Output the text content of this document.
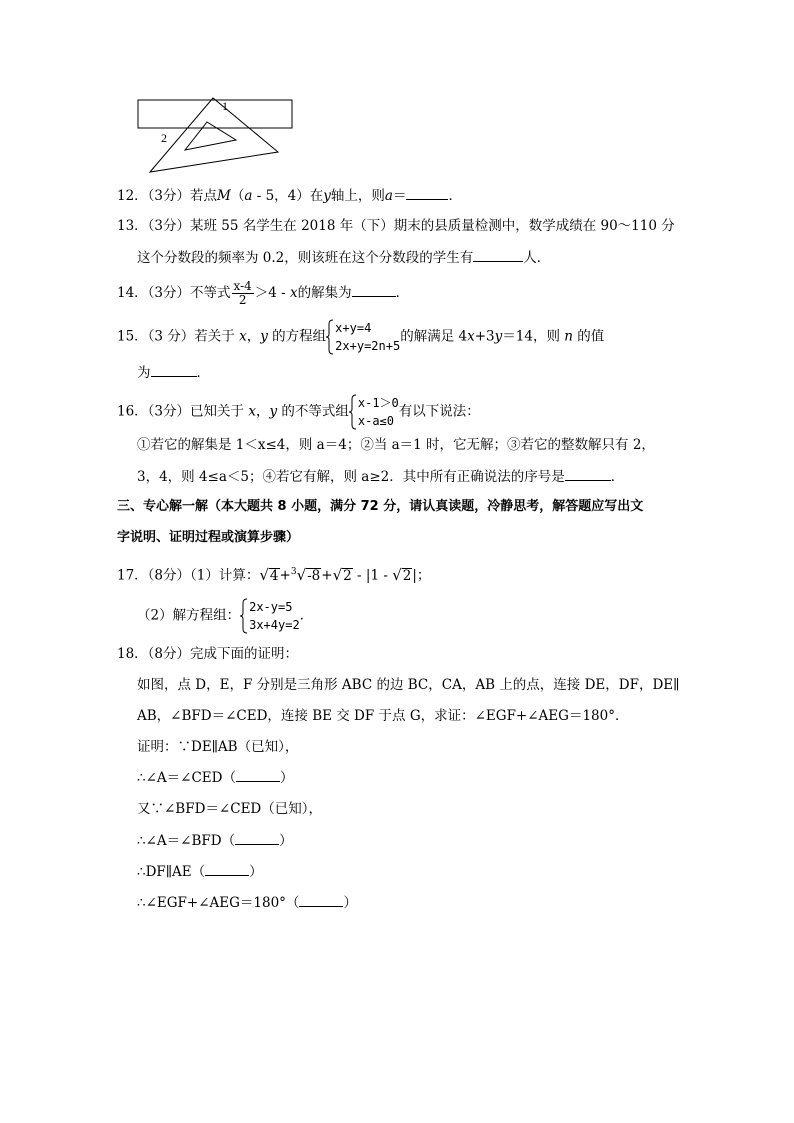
1
2
12．（3分）若点M（a - 5，4）在y轴上，则a＝	．
13．（3分）某班 55 名学生在 2018 年（下）期末的县质量检测中，数学成绩在 90～110 分
这个分数段的频率为 0.2，则该班在这个分数段的学生有	人．
14．（3分）不等式 $\frac{x-4}{2} >4 - x$的解集为	．
15．（3 分）若关于 x，y 的方程组
x+y=4
2x+y=2n+5
的解满足 4x+3y＝14，则 n 的值
为	．
16．（3分）已知关于 x，y 的不等式组
x-1＞0
x-a≤0
有以下说法：
①若它的解集是 1＜x≤4，则 a＝4；②当 a＝1 时，它无解；③若它的整数解只有 2，
3，4，则 4≤a＜5；④若它有解，则 a≥2．其中所有正确说法的序号是	．
三、专心解一解（本大题共 8 小题，满分 72 分，请认真读题，冷静思考，解答题应写出文
字说明、证明过程或演算步骤）
17．（8分）（1）计算：√4+$^3$√-8+√2 - |1 - √2|；
（2）解方程组：
2x-y=5
3x+4y=2
．
18．（8分）完成下面的证明：
如图，点 D，E，F 分别是三角形 ABC 的边 BC，CA，AB 上的点，连接 DE，DF，DE∥
AB，∠BFD＝∠CED，连接 BE 交 DF 于点 G，求证：∠EGF+∠AEG＝180°．
证明：∵DE∥AB（已知），
∴∠A＝∠CED（	）
又∵∠BFD＝∠CED（已知），
∴∠A＝∠BFD（	）
∴DF∥AE（	）
∴∠EGF+∠AEG＝180°（	）
